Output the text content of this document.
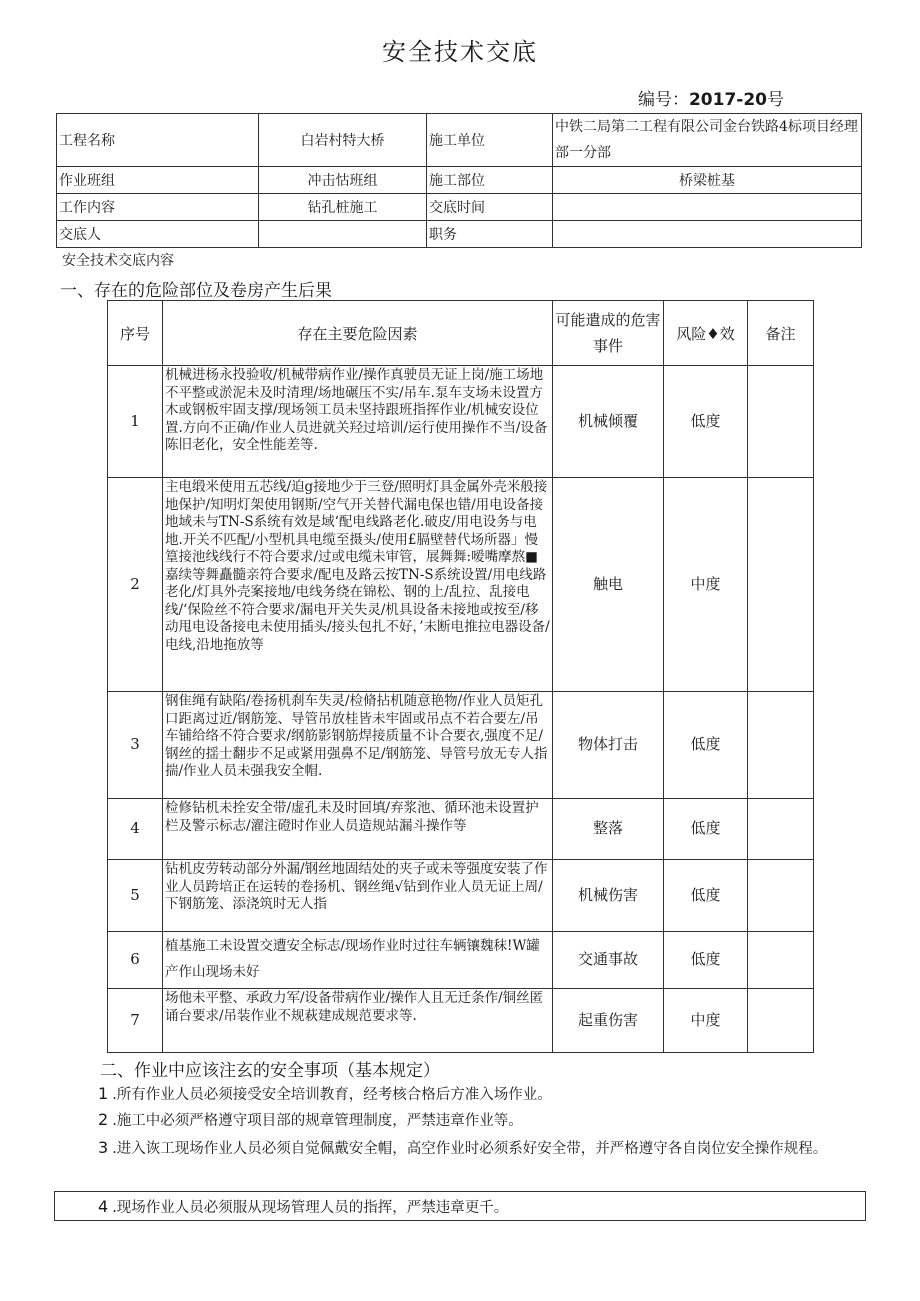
安全技术交底
编号：2017-20号
工程名称	白岩村特大桥	施工单位	中铁二局第二工程有限公司金台铁路4标项目经理部一分部
作业班组	冲击怙班组	施工部位	桥梁桩基
工作内容	钻孔桩施工	交底时间	
交底人		职务	
安全技术交底内容
一、存在的危险部位及卷房产生后果
序号	存在主要危险因素	可能遣成的危害事件	风险♦效	备注
1	机械进杨永投验收/机械带病作业/操作真驶员无证上岗/施工场地不平整或淤泥未及时清理/场地碾压不实/吊车.泵车支场未设置方木或钢板牢固支撑/现场领工员未坚持跟班指挥作业/机械安设位置.方向不正确/作业人员进就关羟过培训/运行使用操作不当/设备陈旧老化，安全性能差等.	机械倾覆	低度	
2	主电缎米使用五芯线/迫g接地少于三登/照明灯具金属外壳米般接地保护/知明灯架使用钢斯/空气开关替代漏电保也错/用电设备接地域未与TN-S系统有效是域‘配电线路老化.破皮/用电设务与电地.开关不匹配/小型机具电缆至摄头/使用£膈壁替代场所器」慢篁接池线线行不符合要求/过或电缆未审管，展舞舞:嗳嘴摩熬■嘉续等舞矗髓亲符合要求/配电及路云按TN-S系统设置/用电线路老化/灯具外壳案接地/电线务绕在锦松、钢的上/乱拉、乱接电线/‘保险丝不符合要求/漏电开关失灵/机具设备未接地或按至/移动甩电设备接电未使用插头/接头包扎不好，’未断电推拉电器设备/电线,沿地拖放等	触电	中度	
3	钢隹绳有缺陷/卷扬机刹车失灵/检脩拈机随意艳物/作业人员矩孔口距离过近/钢筋笼、导管吊放桂皆未牢固或吊点不若合要左/吊车铺给络不符合要求/纲筋影钢筋焊接质量不讣合要衣,强度不足/钢丝的揺士翻步不足或紧用强鼻不足/钢筋笼、导管号放无专人指揣/作业人员未强我安全帽.	物体打击	低度	
4	检修钻机未拴安全带/虚孔未及时回填/弃浆池、循环池未设置护栏及警示标志/濯注磴时作业人员造规站漏斗操作等	整落	低度	
5	钻机皮劳转动部分外漏/钢丝地固结处的夹子或未等强度安装了作业人员跨培正在运转的卷扬机、钢丝绳√钻到作业人员无证上周/下钢筋笼、添浇筑时无人指	机械伤害	低度	
6	植基施工未设置交遭安全标志/现场作业时过往车辆镶魏秣!W罐产作山现场未好	交通事故	低度	
7	场他未平整、承政力军/设备带病作业/操作人且无迁条作/铜丝匿诵台要求/吊装作业不规萩建成规范要求等.	起重伤害	中度	
二、作业中应该注玄的安全事项（基本规定）
1 .所有作业人员必须接受安全培训教育，经考核合格后方准入场作业。
2 .施工中必须严格遵守项目部的规章管理制度，严禁违章作业等。
3 .进入诙工现场作业人员必须自觉佩戴安全帽，高空作业时必须系好安全带，并严格遵守各自岗位安全操作规程。
4 .现场作业人员必须服从现场管理人员的指挥，严禁违章更千。
